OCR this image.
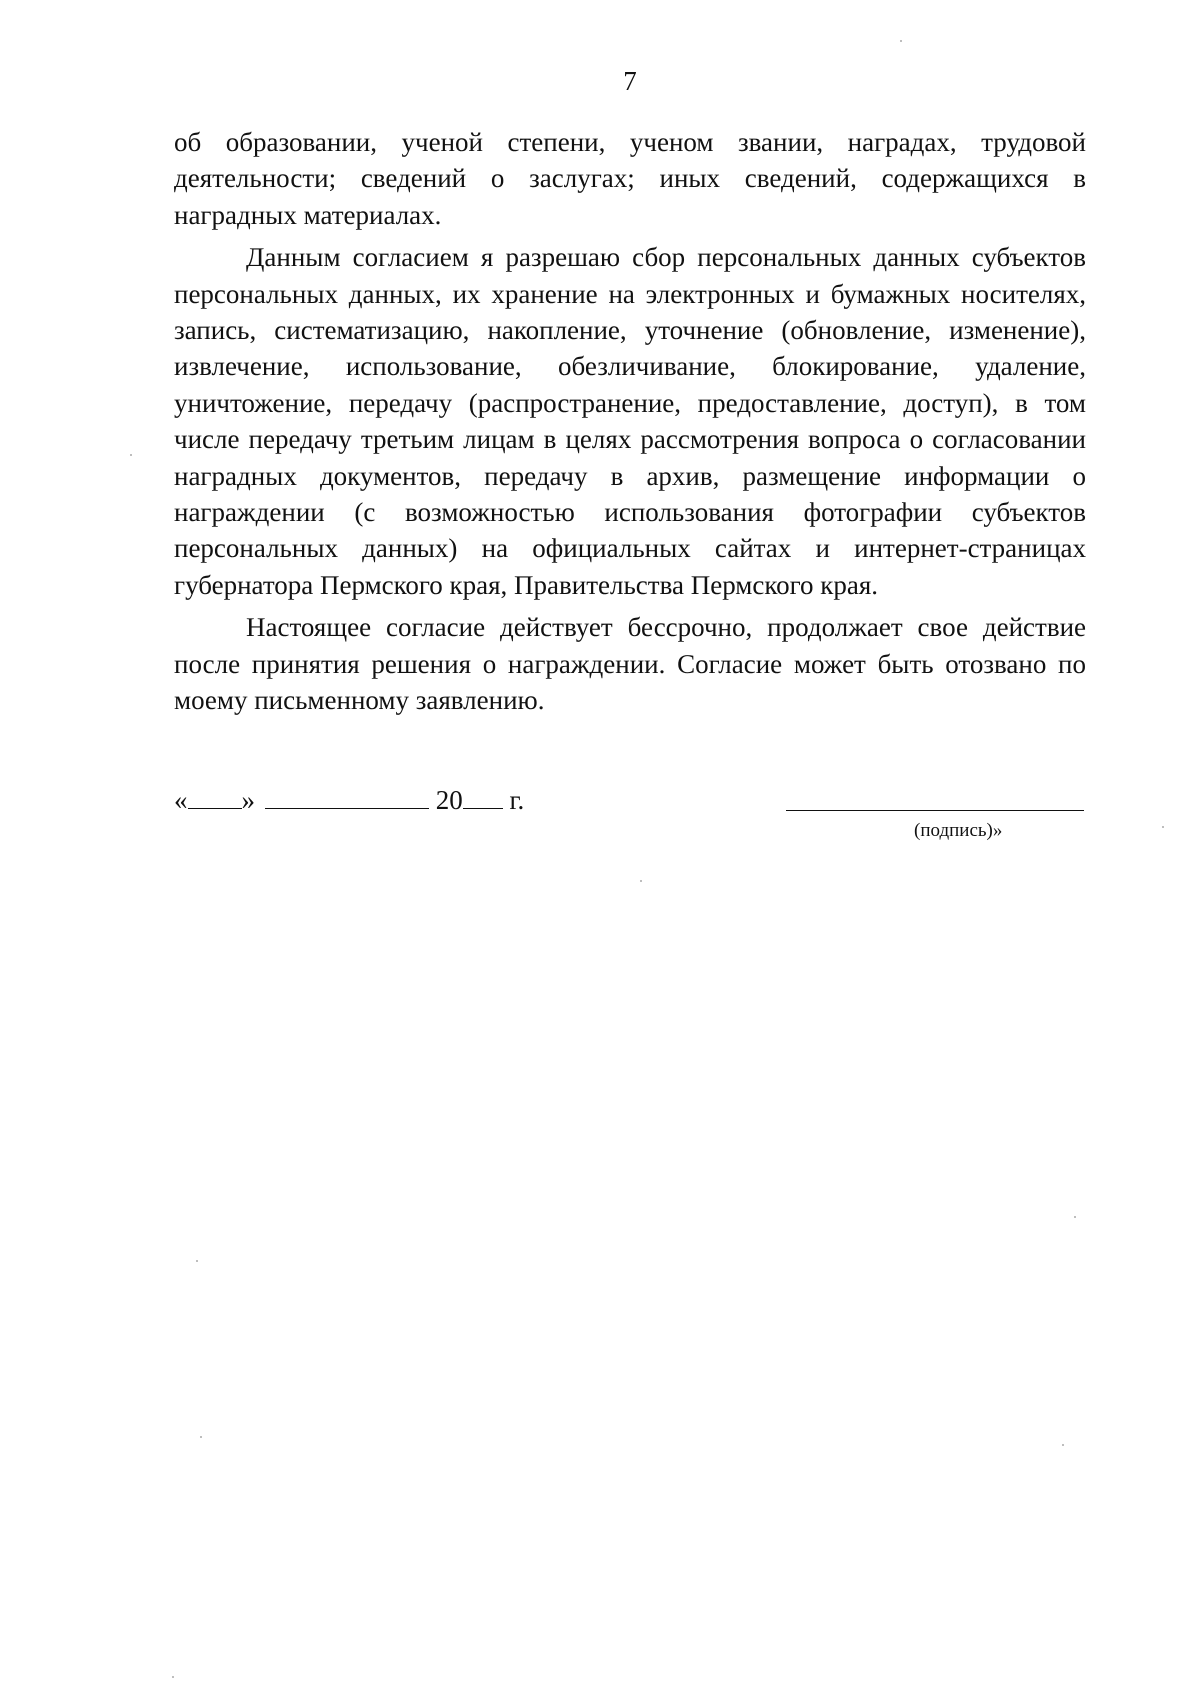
7

об образовании, ученой степени, ученом звании, наградах, трудовой деятельности; сведений о заслугах; иных сведений, содержащихся в наградных материалах.

Данным согласием я разрешаю сбор персональных данных субъектов персональных данных, их хранение на электронных и бумажных носителях, запись, систематизацию, накопление, уточнение (обновление, изменение), извлечение, использование, обезличивание, блокирование, удаление, уничтожение, передачу (распространение, предоставление, доступ), в том числе передачу третьим лицам в целях рассмотрения вопроса о согласовании наградных документов, передачу в архив, размещение информации о награждении (с возможностью использования фотографии субъектов персональных данных) на официальных сайтах и интернет-страницах губернатора Пермского края, Правительства Пермского края.

Настоящее согласие действует бессрочно, продолжает свое действие после принятия решения о награждении. Согласие может быть отозвано по моему письменному заявлению.

« »	20 г.
(подпись)»
